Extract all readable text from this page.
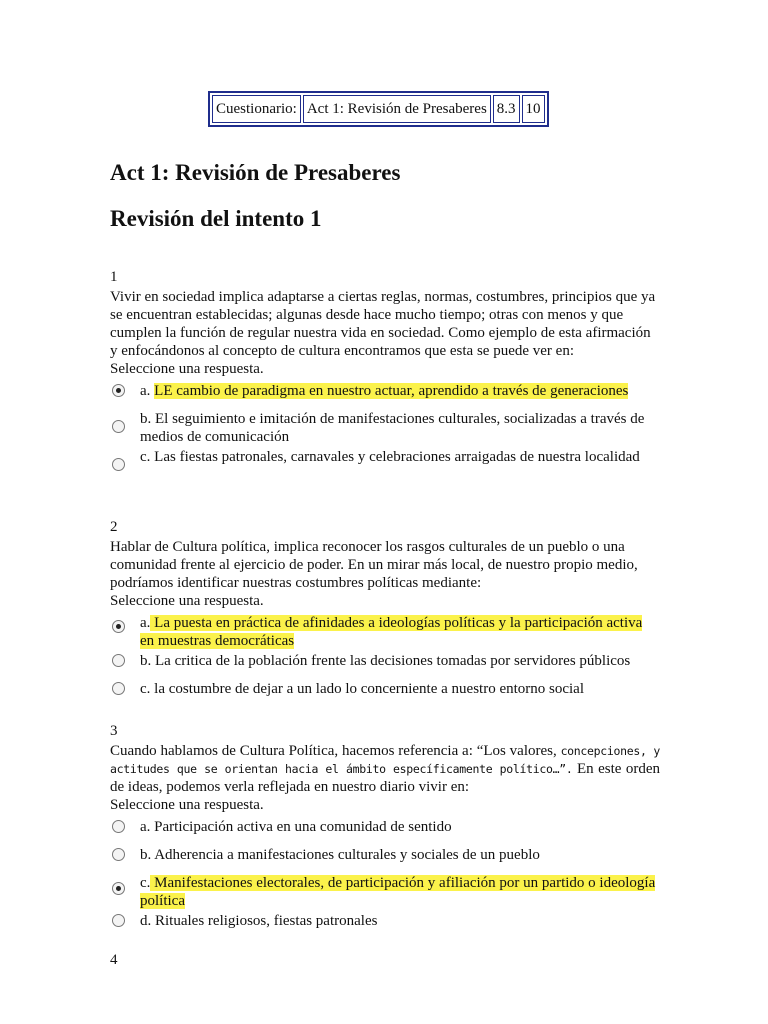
Cuestionario:	Act 1: Revisión de Presaberes	8.3	10
Act 1: Revisión de Presaberes
Revisión del intento 1

1

Vivir en sociedad implica adaptarse a ciertas reglas, normas, costumbres, principios que ya se encuentran establecidas; algunas desde hace mucho tiempo; otras con menos y que cumplen la función de regular nuestra vida en sociedad. Como ejemplo de esta afirmación y enfocándonos al concepto de cultura encontramos que esta se puede ver en:

Seleccione una respuesta.

a. LE cambio de paradigma en nuestro actuar, aprendido a través de generaciones
b. El seguimiento e imitación de manifestaciones culturales, socializadas a través de medios de comunicación
c. Las fiestas patronales, carnavales y celebraciones arraigadas de nuestra localidad

2

Hablar de Cultura política, implica reconocer los rasgos culturales de un pueblo o una comunidad frente al ejercicio de poder. En un mirar más local, de nuestro propio medio, podríamos identificar nuestras costumbres políticas mediante:

Seleccione una respuesta.

a. La puesta en práctica de afinidades a ideologías políticas y la participación activa en muestras democráticas
b. La critica de la población frente las decisiones tomadas por servidores públicos
c. la costumbre de dejar a un lado lo concerniente a nuestro entorno social

3

Cuando hablamos de Cultura Política, hacemos referencia a: “Los valores, concepciones, y actitudes que se orientan hacia el ámbito específicamente político…”. En este orden de ideas, podemos verla reflejada en nuestro diario vivir en:

Seleccione una respuesta.

a. Participación activa en una comunidad de sentido
b. Adherencia a manifestaciones culturales y sociales de un pueblo
c. Manifestaciones electorales, de participación y afiliación por un partido o ideología política
d. Rituales religiosos, fiestas patronales
4
